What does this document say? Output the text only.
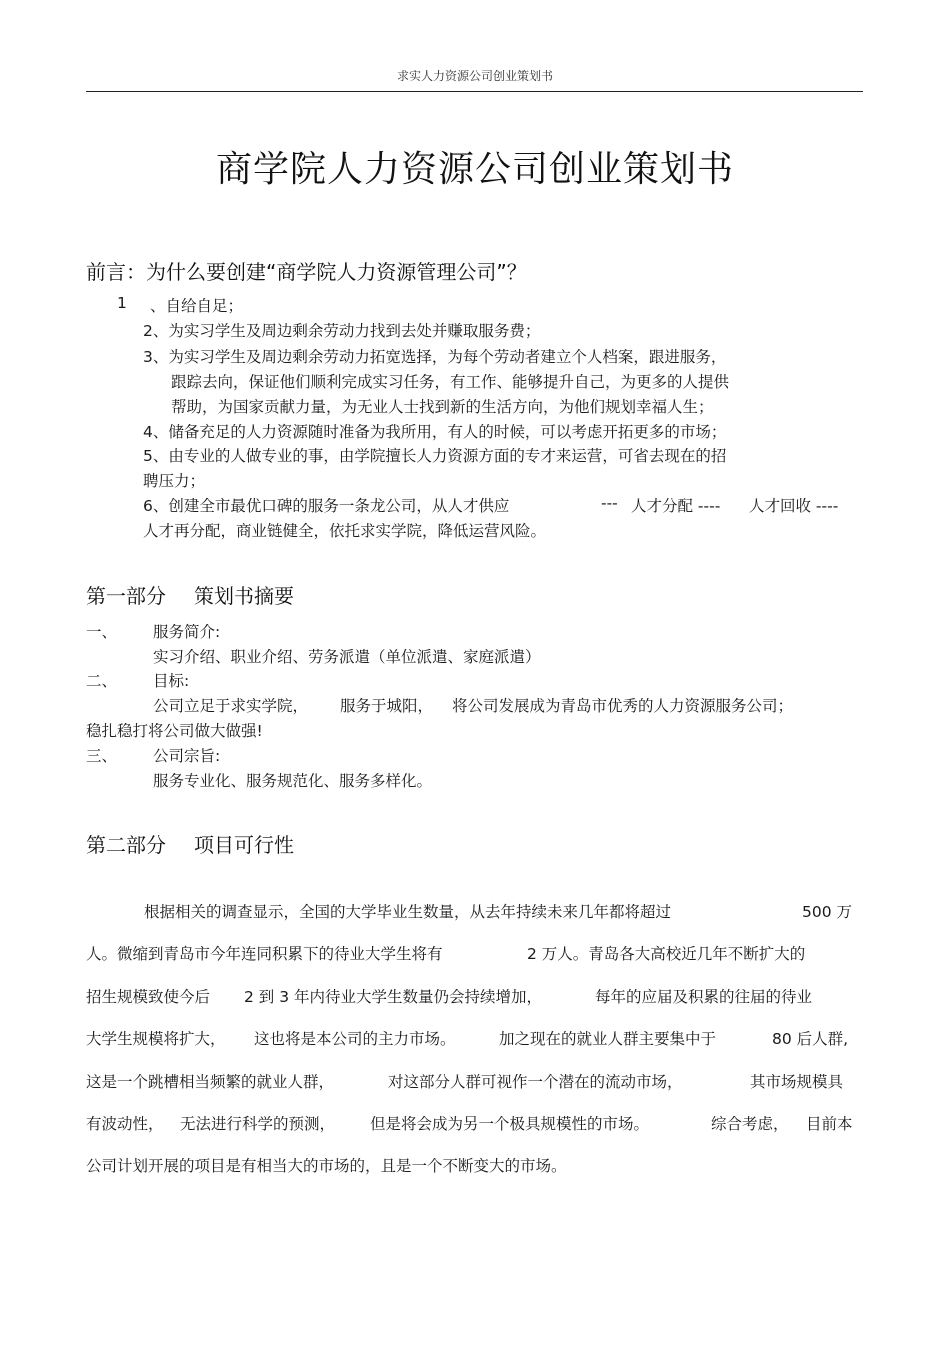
求实人力资源公司创业策划书
商学院人力资源公司创业策划书
前言：为什么要创建“商学院人力资源管理公司”？
1 、自给自足；
2、为实习学生及周边剩余劳动力找到去处并赚取服务费；
3、为实习学生及周边剩余劳动力拓宽选择，为每个劳动者建立个人档案，跟进服务，
跟踪去向，保证他们顺利完成实习任务，有工作、能够提升自己，为更多的人提供
帮助，为国家贡献力量，为无业人士找到新的生活方向，为他们规划幸福人生；
4、储备充足的人力资源随时准备为我所用，有人的时候，可以考虑开拓更多的市场；
5、由专业的人做专业的事，由学院擅长人力资源方面的专才来运营，可省去现在的招
聘压力；
6、创建全市最优口碑的服务一条龙公司，从人才供应	--- 人才分配 ---- 人才回收 ----
人才再分配，商业链健全，依托求实学院，降低运营风险。
第一部分 策划书摘要
一、 服务简介:
实习介绍、职业介绍、劳务派遣（单位派遣、家庭派遣）
二、 目标:
公司立足于求实学院， 服务于城阳， 将公司发展成为青岛市优秀的人力资源服务公司；
稳扎稳打将公司做大做强!
三、 公司宗旨:
服务专业化、服务规范化、服务多样化。
第二部分 项目可行性
根据相关的调查显示，全国的大学毕业生数量，从去年持续未来几年都将超过	500 万
人。微缩到青岛市今年连同积累下的待业大学生将有	2 万人。青岛各大高校近几年不断扩大的
招生规模致使今后 2 到 3 年内待业大学生数量仍会持续增加，	每年的应届及积累的往届的待业
大学生规模将扩大， 这也将是本公司的主力市场。	加之现在的就业人群主要集中于	80 后人群,
这是一个跳槽相当频繁的就业人群，	对这部分人群可视作一个潜在的流动市场，	其市场规模具
有波动性， 无法进行科学的预测， 但是将会成为另一个极具规模性的市场。	综合考虑， 目前本
公司计划开展的项目是有相当大的市场的，且是一个不断变大的市场。
